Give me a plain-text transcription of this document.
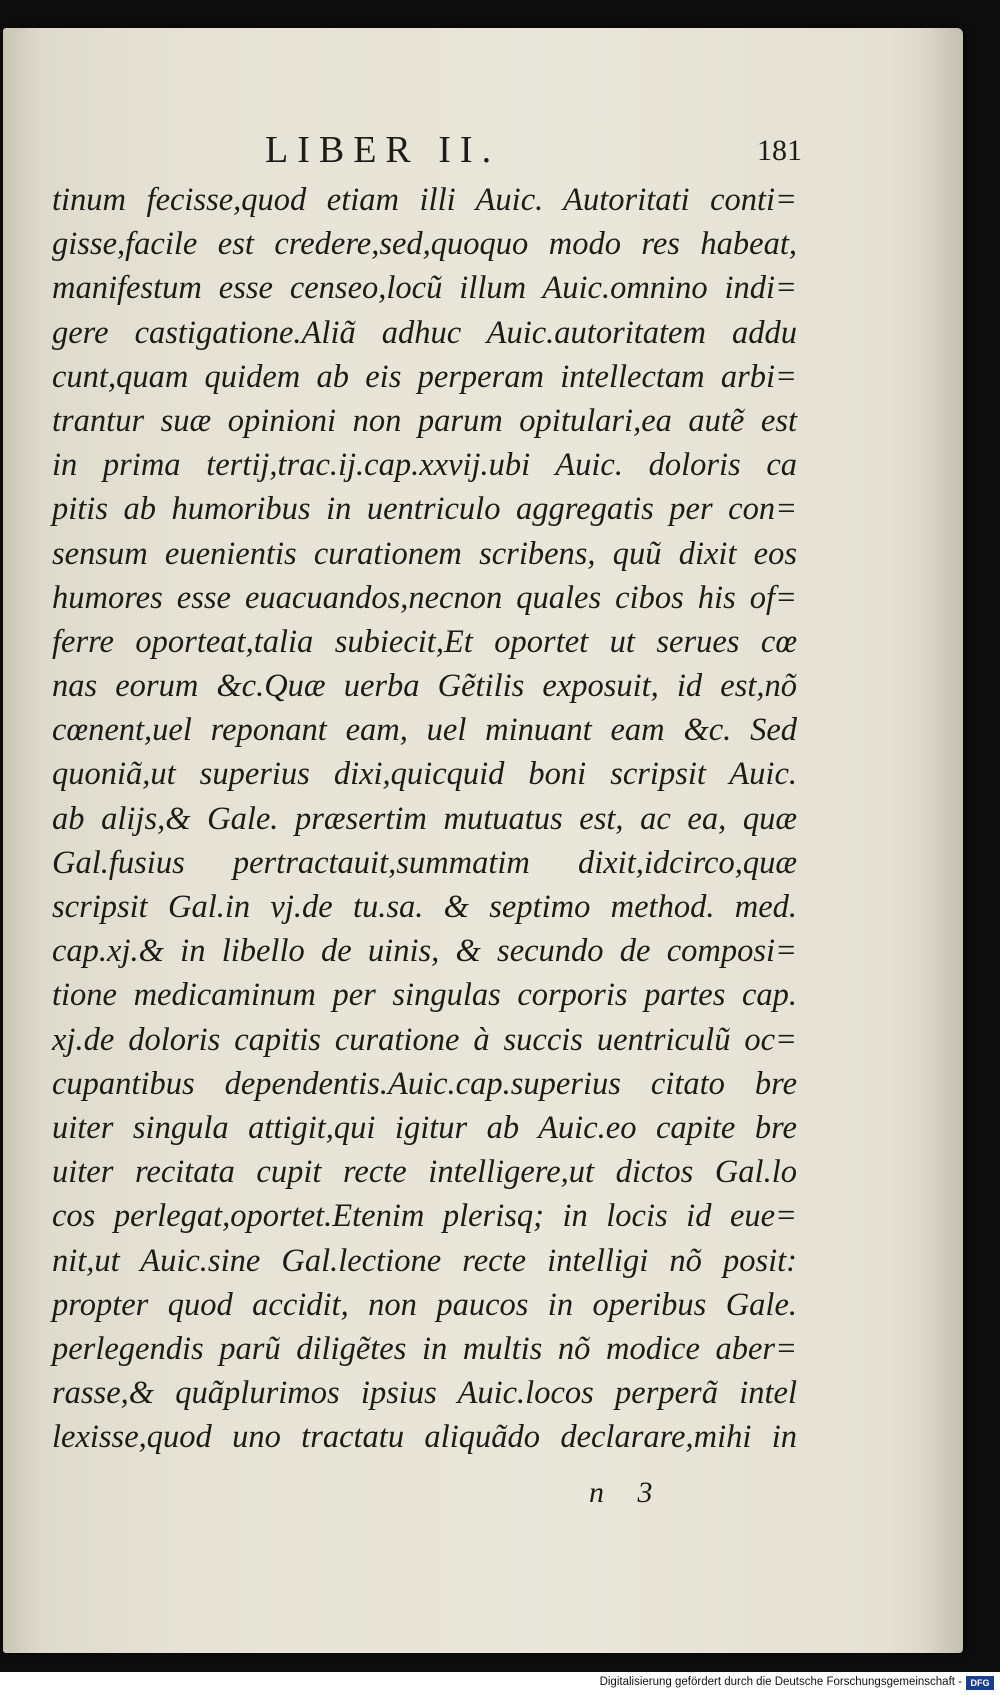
LIBER II.	181
tinum fecisse,quod etiam illi Auic. Autoritati conti=
gisse,facile est credere,sed,quoquo modo res habeat,
manifestum esse censeo,locũ illum Auic.omnino indi=
gere castigatione.Aliã adhuc Auic.autoritatem addu
cunt,quam quidem ab eis perperam intellectam arbi=
trantur suæ opinioni non parum opitulari,ea autẽ est
in prima tertij,trac.ij.cap.xxvij.ubi Auic. doloris ca
pitis ab humoribus in uentriculo aggregatis per con=
sensum euenientis curationem scribens, quũ dixit eos
humores esse euacuandos,necnon quales cibos his of=
ferre oporteat,talia subiecit,Et oportet ut serues cœ
nas eorum &c.Quæ uerba Gẽtilis exposuit, id est,nõ
cœnent,uel reponant eam, uel minuant eam &c. Sed
quoniã,ut superius dixi,quicquid boni scripsit Auic.
ab alijs,& Gale. præsertim mutuatus est, ac ea, quæ
Gal.fusius pertractauit,summatim dixit,idcirco,quæ
scripsit Gal.in vj.de tu.sa. & septimo method. med.
cap.xj.& in libello de uinis, & secundo de composi=
tione medicaminum per singulas corporis partes cap.
xj.de doloris capitis curatione à succis uentriculũ oc=
cupantibus dependentis.Auic.cap.superius citato bre
uiter singula attigit,qui igitur ab Auic.eo capite bre
uiter recitata cupit recte intelligere,ut dictos Gal.lo
cos perlegat,oportet.Etenim plerisq; in locis id eue=
nit,ut Auic.sine Gal.lectione recte intelligi nõ posit:
propter quod accidit, non paucos in operibus Gale.
perlegendis parũ diligẽtes in multis nõ modice aber=
rasse,& quãplurimos ipsius Auic.locos perperã intel
lexisse,quod uno tractatu aliquãdo declarare,mihi in
n 3
Digitalisierung gefördert durch die Deutsche Forschungsgemeinschaft - DFG
